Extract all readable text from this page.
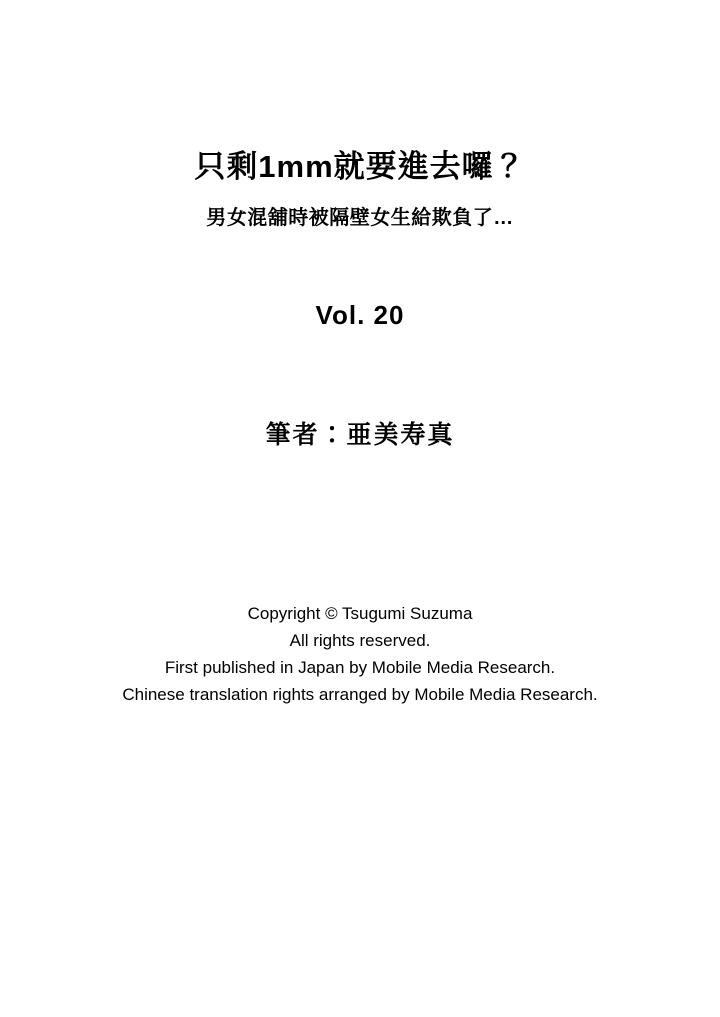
只剩1mm就要進去囉？
男女混舖時被隔壁女生給欺負了…
Vol. 20
筆者：亜美寿真
Copyright © Tsugumi Suzuma
All rights reserved.
First published in Japan by Mobile Media Research.
Chinese translation rights arranged by Mobile Media Research.
